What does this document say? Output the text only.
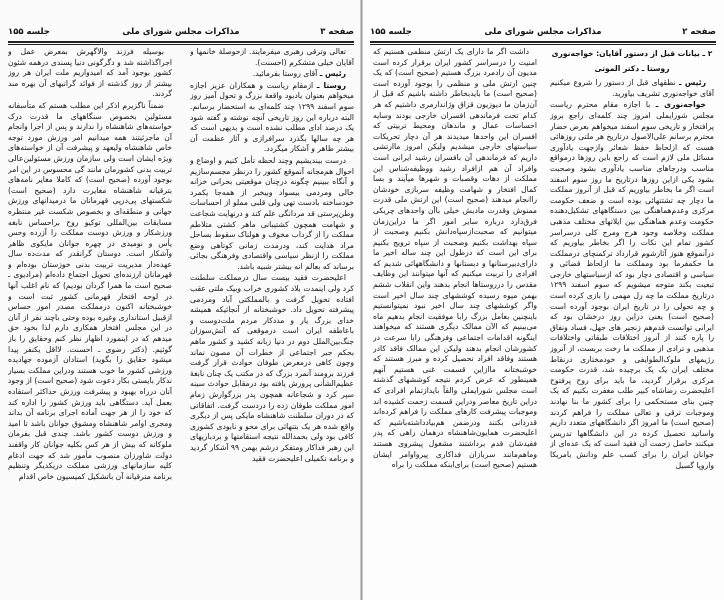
صفحه ۳
مذاکرات مجلس شورای ملی
جلسه ۱۵۵

تعالی وترقی رهبری میفرمایند. ازحوصلهٔ خانمها و آقایان خیلی متشکرم (احسنت).

رئیس ـ آقای روستا بفرمائید.

روستا ـ ازمقام ریاست و همکاران عزیز اجازه میخواهم بعنوان یادبود واقعهٔ بزرگ و تحول آمیز روز سوم اسفند ۱۲۹۹ چند کلمه‌ای به استحضار برسانم. البته درباره این روز تاریخی آنچه نوشته و گفته شود یک درصد ادای مطلب نشده است و بدیهی است که هر چه سالها بگذرد سرافرازی و آثار عظمت آن بیشتر ظاهر و آشکار میگردد.

درست بیندیشیم وچند لحظه تأمل کنیم و اوضاع و احوال هم‌مجانه آنموقع کشور را درنظر مجسم‌سازیم و آنگاه ببینیم چگونه درچنان موقعیتی بحرانی‌ خزانه خالی ومردمی بیسواد وبیخبر از همه‌جا یکمرد خودساخته بادست تهی ولی قلبی مملو از احساسات وطن‌پرستی قد مردانگی علم کند و درنهایت شجاعت و شهامت همچون کشتیبانی ماهر کشتی متلاطم مملکت را از گرداب مخوف و هولناک سقوط بساحل مراد هدایت کند، ودرمدت زمانی کوتاهی وضع مملکت را ازنظر سیاسی واقتصادی وفرهنگی بجائی برساند که بعالم انه بیشتر شبیه باشد.

اعلیحضرت فقید بیست سال درمملکت سلطنت کرد ولی اینمدت بلاد کشوری خراب وبیک ملتی عقب افتاده تحویل گرفت و بالمملکتی آباد ومردمی پیشرفته تحویل داد. خوشبختانه از آنجائیکه همیشه خدای بزرگ یار و مددکار مردم ملت‌دوست‌ و باعاطفه ایران است درموقعی که آتش‌سوزان جنگ‌بین‌الملل دوم در دنیا زبانه کشید و کشور ماهم بحکم جبر اجتماعی از خطرات آن مصون نماند وچون کاهی درمعرض طوفان حوادث قرار گرفت فرزند برومند آنمرد بزرگ که در مکتب یک چنان نابغهٔ عظیم‌الشأنی پرورش یافته بود درمقابل حوادث سینه سپر کرد و شجاعانه همچون پدر بزرگوارش زمام امور مملکت طوفان زده را دردست گرفت. اتفاقاتی که در دوران سلطنت شاهنشاه مایکی پس از دیگری واقع شده هر یک بتنهائی برای محو و نابودی کشوری کافی بود ولی بحمدالله‌ نتیجه‌ استقامتها و بردباریهای این رهبر فداکار ومتفکر درشم بهمن ۹۹ آشکار گردید و برنامه تکمیلی اعلیحضرت فقید

بوسیله فرزند والاگهرش بمعرض عمل و اجراگذاشته شد و دگرگونی دنیا پسندی درهمه شئون کشور بوجود آمد که امیدواریم ملت ایران هر روز بیشتر از روز گذشته از فوائد گرانبهای آن بهره مند گردند.

ضمناً ناگزیرم اذکر این مطلب هستم که متأسفانه مسئولین بخصوص سنگاههای ما قدرت درک خواسته‌های شاهنشاه را ندارند و پس از اجرا وانجام آن ماجزئیتند همه میدانیم امر ورزش مورد توجه خاص شاهنشاه ولیعهد و پیشرفت آن از خواسته‌های ویژه ایشان است ولی سازمان ورزش مسئولین‌عالی تربیت بدنی کشورمان مانند گی محسوس در این امر بوجود آورده (صحیح است) که کاملا مغایر نامه‌های بترقیانه شاهنشاه مغایرت دارد (صحیح است) شکستهای پی‌درپی قهرمانان ما درمیدانهای ورزش جهانی و منطقه‌ای و بخصوص شکست غیر منتظره مسابقات بین‌المللی توکیو روح براحساس نابغه ورزشکار و ورزش دوست مملکت را آزرده وحس یأس و نومیدی در چهره جوانان مایکوی ظاهر وآشکار است. دوستان گرانقدر که مدت‌ده سال عهده‌دار مدیریت تربیت بدنی خوزستان بوده‌ام و قهرمانان ارزنده‌ای تحویل اجتماع داده‌ام (مرادیوی ـ صحیح است ما همرا گردان بودیم) که نام اغلب آنها در لوحه افتخار قهرمانی کشور ثبت است و خوشبختانه اکنون درمملکت مصدر امور حساس ازقبیل استانداری وغیره بوده وحتی باچند نفر از آنان در این مجلس افتخار همکاری دارم لذا بخود حق میدهم که در اینمورد اظهار نظر کنم وحقایق را باز گوئیم. (دکتر رضوی ـ احسنت. لااقل یکنفر پیدا میشود حقایق را بگوید) استادان آزموده جهادیده ورزشی کشور ما خوب هستند ودراین مملکت بسیار ندکار بایستی بکار دعوت شود (صحیح است) از وجود آنان درراه‌ بهبود و پیشرفت ورزش حداکثر استفاده بعمل آید. دستگاهی باید ورزش کشور را اداره کند که خود را از هر جهت آماده اجرای برنامه آن بداند ومجری اوامر شاهنشاه ومشوق جوانان باشد تا امید و ورزش دوست کشور باشد. چندی قبل بفرمان ملوکانه که بیش از هر کس بکلیه جوانان کار واقفند دولت شاورزان منصوب مأمور شد که جهت ادغام کلیه سازمانهای ورزشی مملکت دریکدیگر وتنظیم برنامه مترقیانه آن باتشکیل کمیسیون خاص اقدام

صفحه ۲
مذاکرات مجلس شورای ملی
جلسه ۱۵۵

۲ ـ بیانات قبل از دستور آقایان: خواجه‌نوری

روستا ـ دکتر الموتی

رئیس ـ نطقهای قبل از دستور را شروع میکنیم آقای خواجه‌نوری تشریف بیاورید.

خواجه‌نوری ـ با اجازه مقام محترم ریاست مجلس شورایملی امروز چند کلمه‌ای راجع بروز پرافتخار و تاریخی سوم اسفند میخواهم بعرض حضار محترم برسانم علی‌الاصول درتاریخ هر ملتی روزهائی هست که ازلحاظ حفظ شعائر وازجهت یادآوری مسائل ملی لازم است که راجع باین روزها درمواقع مناسب ودرجاهای مناسب یادآوری بشود وصحبت بشود یکی ازاین روزها درتاریخ ما روز سوم اسفند است اگر ما بخاطر بیاوریم که قبل از آنروز مملکت ما دچار چه تشتتهائی بوده است و ضعف حکومت مرکزی وعدم‌هماهنگی بین دستگاههای تشکیل‌دهنده حکومت وعدم هماهنگی بین ایلاتهای مختلف مذهبی مملکت وخلاصه وجود هرج ومرج کلی درسراسر کشور تمام این نکات را اگر بخاطر بیاوریم که درآنموقع هنوز آثارشوم قرارداد ترکمنچای درمملکت ما حکمفرما بود ومملکت ما ازلحاظ قضائی و سیاسی و اقتصادی دچار بود که ازسیاستهای خارجی تبعیت بکند متوجه میشویم که سوم اسفند ۱۲۹۹ درتاریخ مملکت ما چه رل مهمی را بازی کرده است و چه تحولی را در تاریخ ایران بوجود آورده است (صحیح است) یعنی دراین روز درخشان بود که ایرانی توانست قدم‌هم زنجیر های جهل، فساد ونفاق را پاره کنند از آنروز اختلافات طبقاتی واختلافات مذهبی و ترادی از مملکت ما رخت بربست، از آنروز رژیمهای ملوک‌الطوایفی و خودمختاری درنقاط مختلف ایران یک یک برچیده شد، قدرت حکومت مرکزی برقرار گردید، ما باید برای روح پرفتوح اعلیحضرت رضاشاه کبیر طلب مغفرت بکنیم که یک چنین بنای مستحکمی را برای کشور ما بنا نهادند وموجبات ترقی و تعالی مملکت را فراهم کردند (صحیح است) ما امروز اگر دانشگاههای متعدد داریم واساتید تحصیل کرده در این دانشگاهها تدریس میکنند حاصل زحمت آن فقید است که یک عده‌ای از جوانان ایران را برای کسب علم ودانش بامریکا واروپا گسیل

داشت اگر ما دارای یک ارتش منظمی هستیم که امنیت را درسراسر کشور ایران برقرار کرده است مدیون آن رادمرد بزرگ هستیم (صحیح است) که یک چنین ارتش ملی و منظمی را بوجود آورده است (صحیح است) ما بایدبخاطر داشته باشیم که قبل از آن‌زمان ما دیوزیون قزاق وژاندارمری داشتیم که هر کدام تحت فرماندهی افسران خارجی بودند وسایه احساسات عمال و ماندهان ومحیط تربیتی که افسران این واحدها میدیدند هر آن دچار تحریکات سیاستهای خارجی میشدیم ولیکن امروز ماارتشی داریم که فرماندهی آن بافسران رشید ایرانی است وافراد آن هم ازافراد رشید ووظیفه‌شناس این مملکت از دهات وقصبات و شهرها میآیند و بسا کمال افتخار و شهامت وظیفه سربازی خودشان راانجام میدهند (صحیح است) این ارتش ملی قدرت ممنوش وقدرت مادیش خیلی باآن واحدهای چریکی فرق‌دارد درباره سایر امور اگر ما دراین‌زمان میتوانیم که صحبت‌ازسپاه‌دانش بکنیم وصحبت از سپاه بهداشت بکنیم وصحبت از سپاه ترویج بکنیم برای این است که درطول این چند ساله اخیر ما دارای‌دبیرستانها و دبستانها و دانشگاههائی شدیم که افرادی را تربیت میکنیم که آنها میتوانند این وظایف مقدس را درروستاها انجام بدهند واین انقلاب ششم بهمن میوه رسیده کوششهای چند سال اخیر است واگر کوششهای چند سال اخیر نبود نمیتوانستیم باینچنین بعامل بزرگ رابا موفقیت انجام بدهیم ماه می‌بینیم که الآن ممالک دیگری هستند که میخواهند اینگونه اقدامات اجتماعی وفرهنگی رابا سرعت در کشورشان انجام بدهند ولیکن این ممالک فاقد کادر هستند وفاقد افراد تحصیل کرده و مبرز هستند که خوشبختانه ماازاین قسمت غنی هستیم آنهم همینطور که عرض کردم نتیجه کوششهای گذشته است مجلس شورایملی والقاً بایدازتمام افرادی که دراین تاریخ معاصر ودراین قسمت زحمت کشیده اند وموجبات پیشرفت کارهای مملکت را فراهم کرده‌اند قدردانی بکنند ودرضمن هم‌بیادداشته‌باشیم که اعلیحضرت همایون‌شاهنشاه درهمان راهی که پدر فقیدشان قدم برداشتند مشغول پیشروی هستند وماهم‌مانند سربازان فداکاری پیرواوامر ایشان هستیم (صحیح است) برای‌اینکه مملکت را براه
